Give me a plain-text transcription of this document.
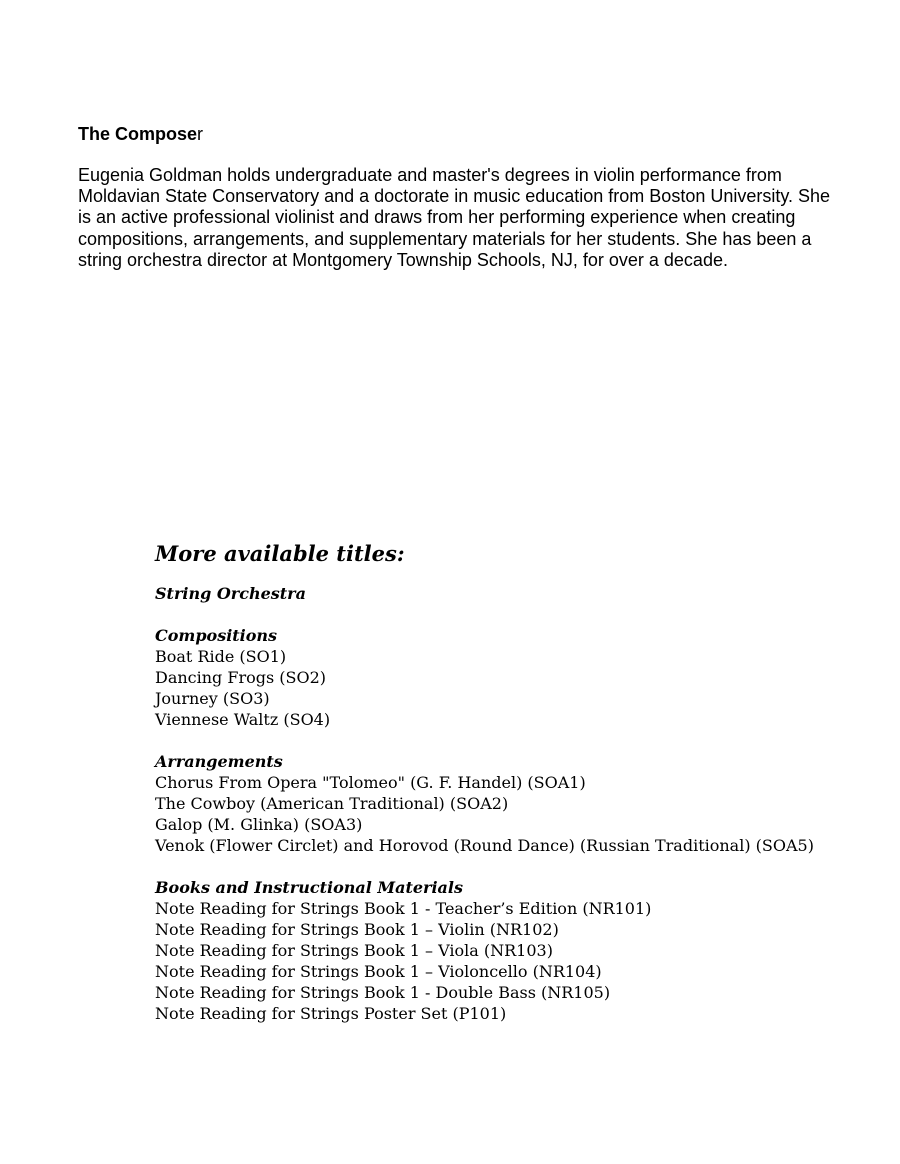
The Composer

Eugenia Goldman holds undergraduate and master's degrees in violin performance from Moldavian State Conservatory and a doctorate in music education from Boston University. She is an active professional violinist and draws from her performing experience when creating compositions, arrangements, and supplementary materials for her students. She has been a string orchestra director at Montgomery Township Schools, NJ, for over a decade.

More available titles:
String Orchestra
Compositions
Boat Ride (SO1)
Dancing Frogs (SO2)
Journey (SO3)
Viennese Waltz (SO4)
Arrangements
Chorus From Opera "Tolomeo" (G. F. Handel) (SOA1)
The Cowboy (American Traditional) (SOA2)
Galop (M. Glinka) (SOA3)
Venok (Flower Circlet) and Horovod (Round Dance) (Russian Traditional) (SOA5)
Books and Instructional Materials
Note Reading for Strings Book 1 - Teacher’s Edition (NR101)
Note Reading for Strings Book 1 – Violin (NR102)
Note Reading for Strings Book 1 – Viola (NR103)
Note Reading for Strings Book 1 – Violoncello (NR104)
Note Reading for Strings Book 1 - Double Bass (NR105)
Note Reading for Strings Poster Set (P101)
